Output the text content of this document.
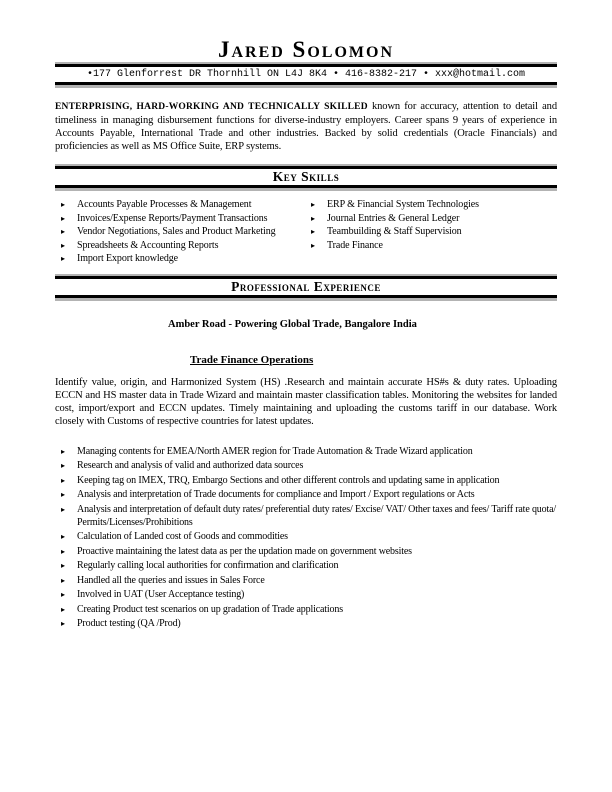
Jared Solomon
•177 Glenforrest DR Thornhill ON L4J 8K4 • 416-8382-217 • xxx@hotmail.com

ENTERPRISING, HARD-WORKING AND TECHNICALLY SKILLED known for accuracy, attention to detail and timeliness in managing disbursement functions for diverse-industry employers. Career spans 9 years of experience in Accounts Payable, International Trade and other industries. Backed by solid credentials (Oracle Financials) and proficiencies as well as MS Office Suite, ERP systems.

Key Skills
▸	Accounts Payable Processes & Management
▸	Invoices/Expense Reports/Payment Transactions
▸	Vendor Negotiations, Sales and Product Marketing
▸	Spreadsheets & Accounting Reports
▸	Import Export knowledge
▸	ERP & Financial System Technologies
▸	Journal Entries & General Ledger
▸	Teambuilding & Staff Supervision
▸	Trade Finance
Professional Experience
Amber Road - Powering Global Trade, Bangalore India
Trade Finance Operations

Identify value, origin, and Harmonized System (HS) .Research and maintain accurate HS#s & duty rates. Uploading ECCN and HS master data in Trade Wizard and maintain master classification tables. Monitoring the websites for landed cost, import/export and ECCN updates. Timely maintaining and uploading the customs tariff in our database. Work closely with Customs of respective countries for latest updates.

▸	Managing contents for EMEA/North AMER region for Trade Automation & Trade Wizard application
▸	Research and analysis of valid and authorized data sources
▸	Keeping tag on IMEX, TRQ, Embargo Sections and other different controls and updating same in application
▸	Analysis and interpretation of Trade documents for compliance and Import / Export regulations or Acts
▸	Analysis and interpretation of default duty rates/ preferential duty rates/ Excise/ VAT/ Other taxes and fees/ Tariff rate quota/ Permits/Licenses/Prohibitions
▸	Calculation of Landed cost of Goods and commodities
▸	Proactive maintaining the latest data as per the updation made on government websites
▸	Regularly calling local authorities for confirmation and clarification
▸	Handled all the queries and issues in Sales Force
▸	Involved in UAT (User Acceptance testing)
▸	Creating Product test scenarios on up gradation of Trade applications
▸	Product testing (QA /Prod)
